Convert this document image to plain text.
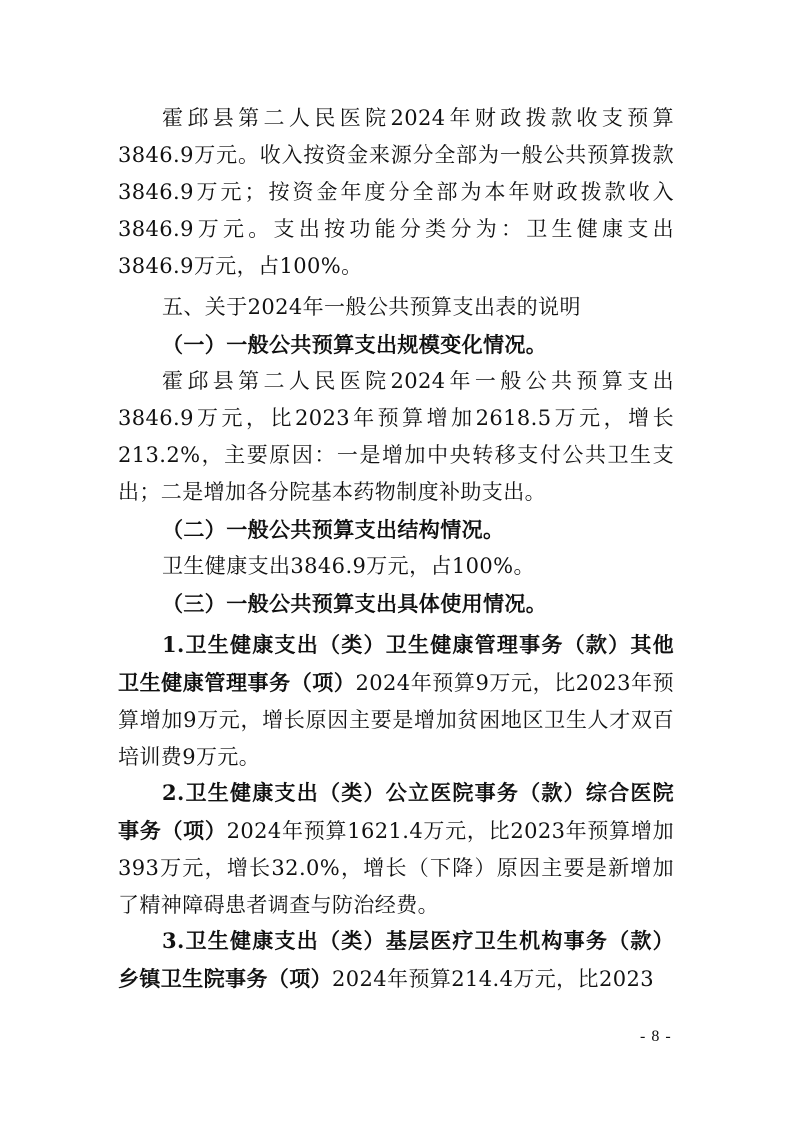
霍邱县第二人民医院2024年财政拨款收支预算3846.9万元。收入按资金来源分全部为一般公共预算拨款3846.9万元；按资金年度分全部为本年财政拨款收入3846.9万元。支出按功能分类分为：卫生健康支出3846.9万元，占100%。

五、关于2024年一般公共预算支出表的说明

（一）一般公共预算支出规模变化情况。

霍邱县第二人民医院2024年一般公共预算支出3846.9万元，比2023年预算增加2618.5万元，增长213.2%，主要原因：一是增加中央转移支付公共卫生支出；二是增加各分院基本药物制度补助支出。

（二）一般公共预算支出结构情况。

卫生健康支出3846.9万元，占100%。

（三）一般公共预算支出具体使用情况。

1.卫生健康支出（类）卫生健康管理事务（款）其他卫生健康管理事务（项）2024年预算9万元，比2023年预算增加9万元，增长原因主要是增加贫困地区卫生人才双百培训费9万元。

2.卫生健康支出（类）公立医院事务（款）综合医院事务（项）2024年预算1621.4万元，比2023年预算增加393万元，增长32.0%，增长（下降）原因主要是新增加了精神障碍患者调查与防治经费。

3.卫生健康支出（类）基层医疗卫生机构事务（款）乡镇卫生院事务（项）2024年预算214.4万元，比2023

- 8 -
